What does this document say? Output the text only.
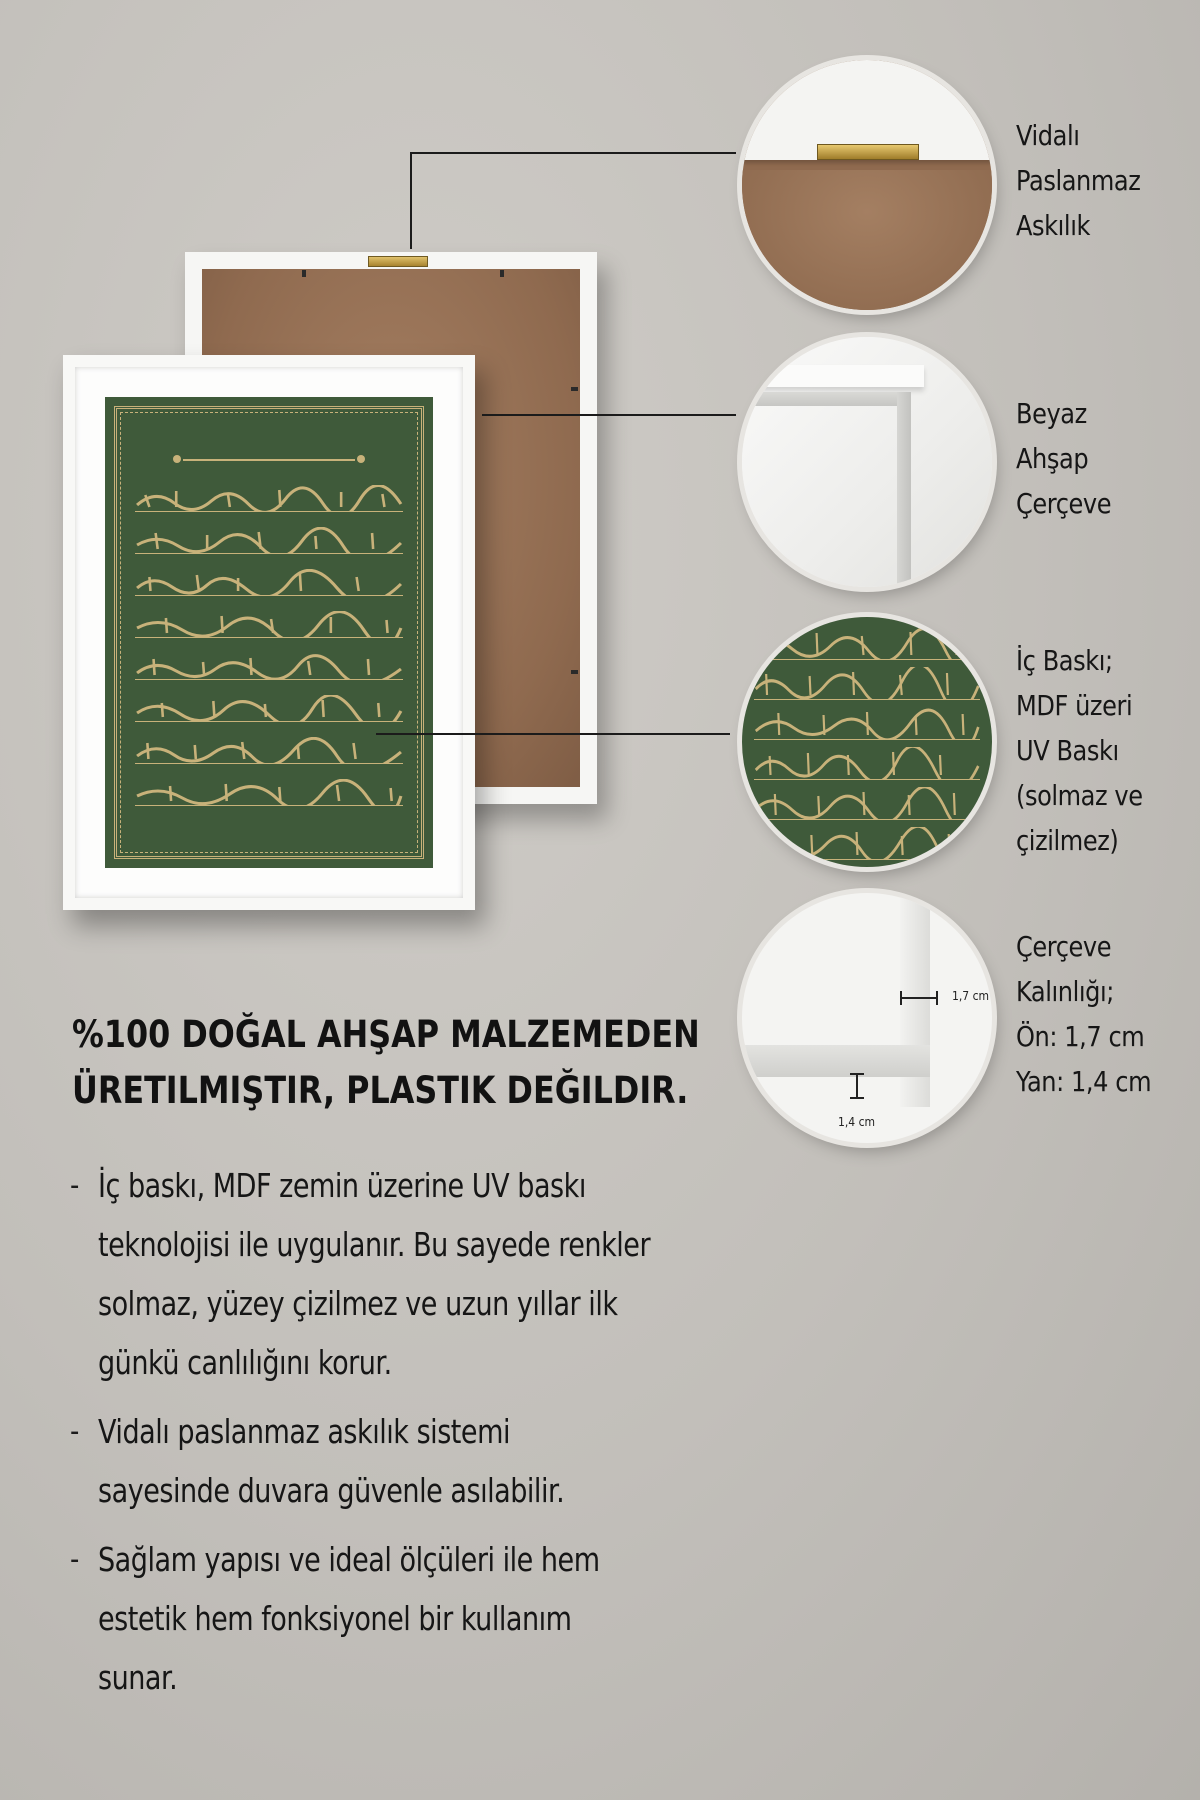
1,7 cm
1,4 cm
Vidalı
Paslanmaz
Askılık
Beyaz
Ahşap
Çerçeve
İç Baskı;
MDF üzeri
UV Baskı
(solmaz ve
çizilmez)
Çerçeve
Kalınlığı;
Ön: 1,7 cm
Yan: 1,4 cm
%100 DOĞAL AHŞAP MALZEMEDEN
ÜRETILMIŞTIR, PLASTIK DEĞILDIR.
- İç baskı, MDF zemin üzerine UV baskı
teknolojisi ile uygulanır. Bu sayede renkler
solmaz, yüzey çizilmez ve uzun yıllar ilk
günkü canlılığını korur.
- Vidalı paslanmaz askılık sistemi
sayesinde duvara güvenle asılabilir.
- Sağlam yapısı ve ideal ölçüleri ile hem
estetik hem fonksiyonel bir kullanım
sunar.
